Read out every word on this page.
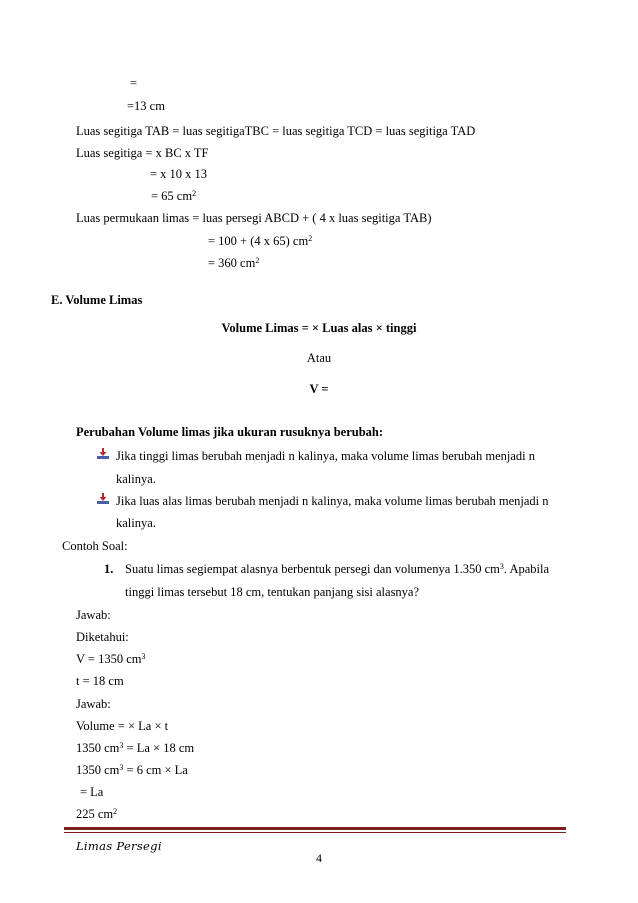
=
=13 cm
Luas segitiga TAB = luas segitigaTBC = luas segitiga TCD = luas segitiga TAD
Luas segitiga = x BC x TF
= x 10 x 13
= 65 $cm^2$
Luas permukaan limas = luas persegi ABCD + ( 4 x luas segitiga TAB)
= 100 + (4 x 65) $cm^2$
= 360 $cm^2$
E. Volume Limas
Volume Limas = × Luas alas × tinggi
Atau
V =
Perubahan Volume limas jika ukuran rusuknya berubah:
Jika tinggi limas berubah menjadi n kalinya, maka volume limas berubah menjadi n
kalinya.
Jika luas alas limas berubah menjadi n kalinya, maka volume limas berubah menjadi n
kalinya.
Contoh Soal:
1. Suatu limas segiempat alasnya berbentuk persegi dan volumenya 1.350 $cm^3$. Apabila
tinggi limas tersebut 18 cm, tentukan panjang sisi alasnya?
Jawab:
Diketahui:
V = 1350 $cm^3$
t = 18 cm
Jawab:
Volume = × La × t
1350 $cm^3 = La \times 18$ cm
1350 $cm^3 = 6$ cm × La
= La
225 $cm^2$
Limas Persegi
4
